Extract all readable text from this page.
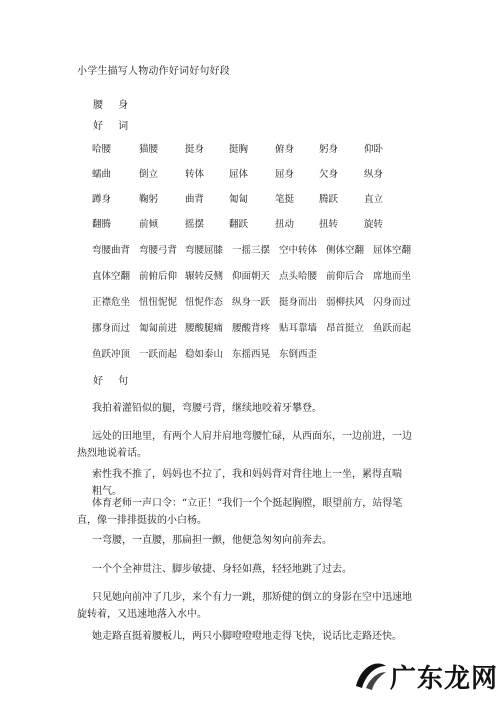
小学生描写人物动作好词好句好段
腰 身
好 词
哈腰	猫腰	挺身	挺胸	俯身	躬身	仰卧
蠕曲	倒立	转体	屈体	屈身	欠身	纵身
蹲身	鞠躬	曲背	匍匐	笔挺	腾跃	直立
翻腾	前倾	摇摆	翻跃	扭动	扭转	旋转
弯腰曲背 弯腰弓背 弯腰屈膝 一摇三摆 空中转体 侧体空翻 屈体空翻
直体空翻 前俯后仰 辗转反侧 仰面朝天 点头哈腰 前仰后合 席地而坐
正襟危坐 忸忸怩怩 忸怩作态 纵身一跃 挺身而出 弱柳扶风 闪身而过
挪身而过 匍匐前进 腰酸腿痛 腰酸背疼 贴耳靠墙 昂首挺立 鱼跃而起
鱼跃冲顶 一跃而起 稳如泰山 东摇西晃 东倒西歪
好 句
我拍着灌铅似的腿，弯腰弓背，继续地咬着牙攀登。
远处的田地里，有两个人肩并肩地弯腰忙碌，从西面东，一边前进，一边热烈地说着话。
索性我不推了，妈妈也不拉了，我和妈妈背对背往地上一坐，累得直喘粗气。
体育老师一声口令：“立正！”我们一个个挺起胸膛，眼望前方，站得笔直，像一排排挺拔的小白杨。
一弯腰，一直腰，那扁担一颤，他便急匆匆向前奔去。
一个个全神贯注、脚步敏捷、身轻如燕，轻轻地跳了过去。
只见她向前冲了几步，来个有力一跳，那矫健的倒立的身影在空中迅速地旋转着，又迅速地落入水中。
她走路直挺着腰板儿，两只小脚噔噔噔地走得飞快，说话比走路还快。
广东龙网
